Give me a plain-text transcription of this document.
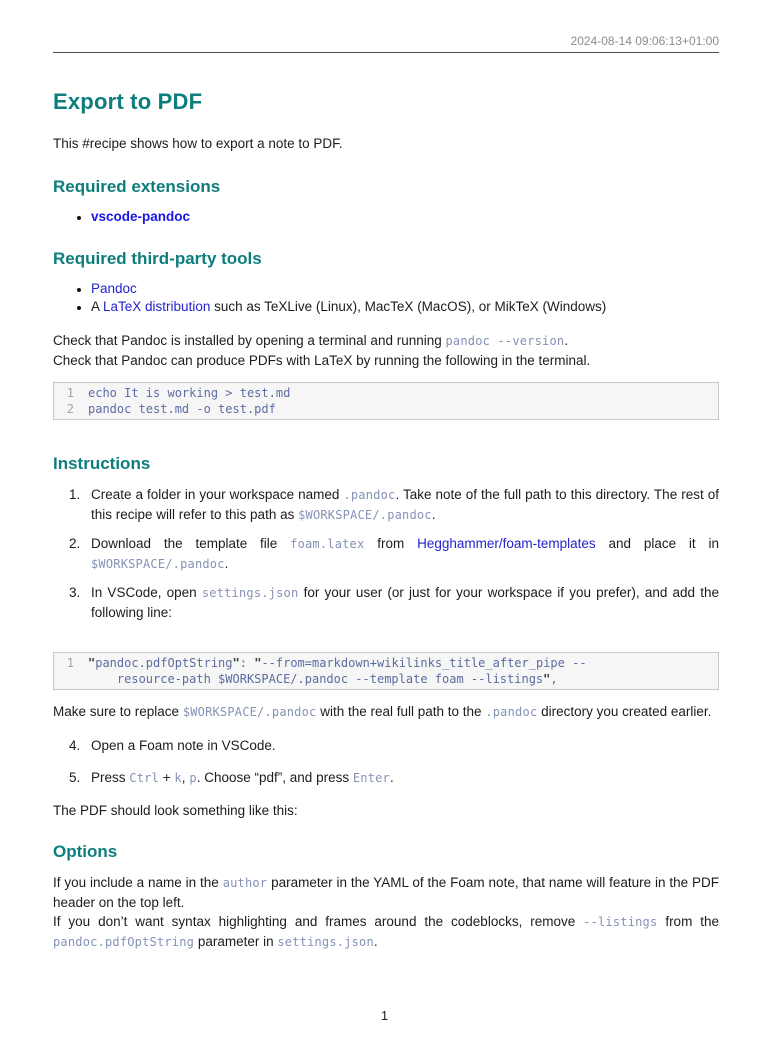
2024-08-14 09:06:13+01:00
Export to PDF

This #recipe shows how to export a note to PDF.

Required extensions
• vscode-pandoc
Required third-party tools
• Pandoc
• A LaTeX distribution such as TeXLive (Linux), MacTeX (MacOS), or MikTeX (Windows)
Check that Pandoc is installed by opening a terminal and running pandoc --version.
Check that Pandoc can produce PDFs with LaTeX by running the following in the terminal.
1 echo It is working > test.md
2 pandoc test.md -o test.pdf
Instructions
Create a folder in your workspace named .pandoc. Take note of the full path to this directory. The rest of this recipe will refer to this path as $WORKSPACE/.pandoc.
Download the template file foam.latex from Hegghammer/foam-templates and place it in $WORKSPACE/.pandoc.
In VSCode, open settings.json for your user (or just for your workspace if you prefer), and add the following line:
1 "pandoc.pdfOptString": "--from=markdown+wikilinks_title_after_pipe --
resource-path $WORKSPACE/.pandoc --template foam --listings",

Make sure to replace $WORKSPACE/.pandoc with the real full path to the .pandoc directory you created earlier.

Open a Foam note in VSCode.
Press Ctrl + k, p. Choose “pdf”, and press Enter.

The PDF should look something like this:

Options
If you include a name in the author parameter in the YAML of the Foam note, that name will feature in the PDF header on the top left.
If you don’t want syntax highlighting and frames around the codeblocks, remove --listings from the pandoc.pdfOptString parameter in settings.json.
1
